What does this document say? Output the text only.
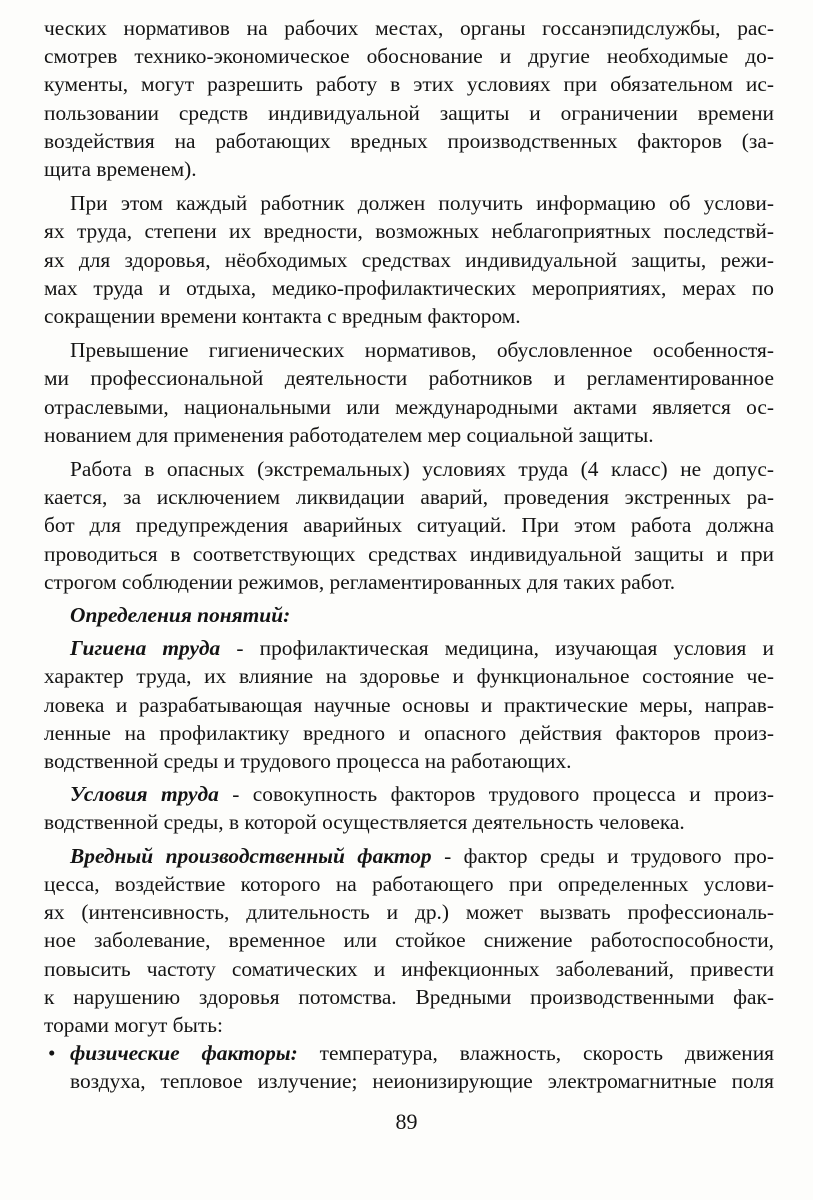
ческих нормативов на рабочих местах, органы госсанэпидслужбы, рас-
смотрев технико-экономическое обоснование и другие необходимые до-
кументы, могут разрешить работу в этих условиях при обязательном ис-
пользовании средств индивидуальной защиты и ограничении времени
воздействия на работающих вредных производственных факторов (за-
щита временем).
При этом каждый работник должен получить информацию об услови-
ях труда, степени их вредности, возможных неблагоприятных последствй-
ях для здоровья, нёобходимых средствах индивидуальной защиты, режи-
мах труда и отдыха, медико-профилактических мероприятиях, мерах по
сокращении времени контакта с вредным фактором.
Превышение гигиенических нормативов, обусловленное особенностя-
ми профессиональной деятельности работников и регламентированное
отраслевыми, национальными или международными актами является ос-
нованием для применения работодателем мер социальной защиты.
Работа в опасных (экстремальных) условиях труда (4 класс) не допус-
кается, за исключением ликвидации аварий, проведения экстренных ра-
бот для предупреждения аварийных ситуаций. При этом работа должна
проводиться в соответствующих средствах индивидуальной защиты и при
строгом соблюдении режимов, регламентированных для таких работ.
Определения понятий:
Гигиена труда - профилактическая медицина, изучающая условия и
характер труда, их влияние на здоровье и функциональное состояние че-
ловека и разрабатывающая научные основы и практические меры, направ-
ленные на профилактику вредного и опасного действия факторов произ-
водственной среды и трудового процесса на работающих.
Условия труда - совокупность факторов трудового процесса и произ-
водственной среды, в которой осуществляется деятельность человека.
Вредный производственный фактор - фактор среды и трудового про-
цесса, воздействие которого на работающего при определенных услови-
ях (интенсивность, длительность и др.) может вызвать профессиональ-
ное заболевание, временное или стойкое снижение работоспособности,
повысить частоту соматических и инфекционных заболеваний, привести
к нарушению здоровья потомства. Вредными производственными фак-
торами могут быть:
• физические факторы: температура, влажность, скорость движения
воздуха, тепловое излучение; неионизирующие электромагнитные поля
89
